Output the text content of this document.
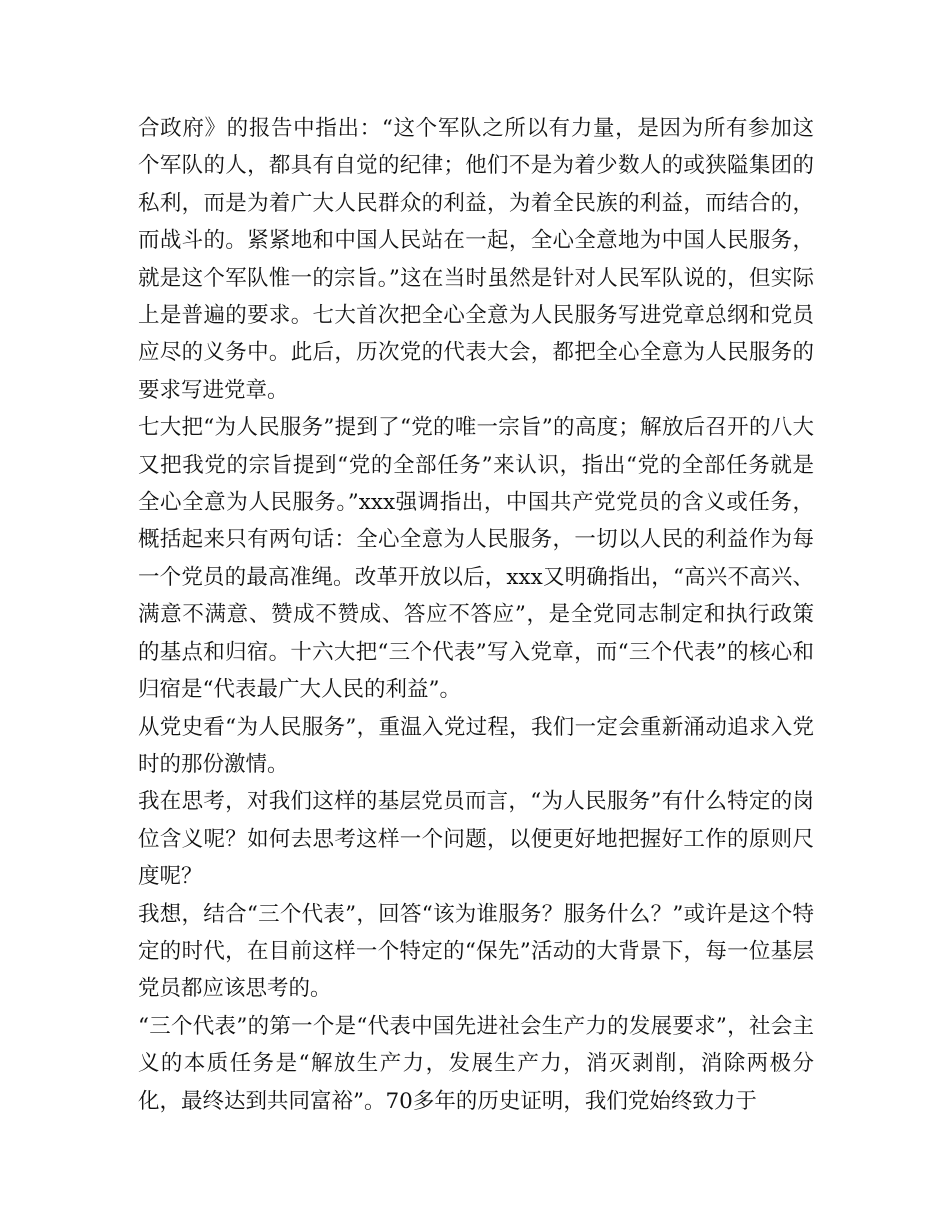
合政府》的报告中指出：“这个军队之所以有力量，是因为所有参加这个军队的人，都具有自觉的纪律；他们不是为着少数人的或狭隘集团的私利，而是为着广大人民群众的利益，为着全民族的利益，而结合的，而战斗的。紧紧地和中国人民站在一起，全心全意地为中国人民服务，就是这个军队惟一的宗旨。”这在当时虽然是针对人民军队说的，但实际上是普遍的要求。七大首次把全心全意为人民服务写进党章总纲和党员应尽的义务中。此后，历次党的代表大会，都把全心全意为人民服务的要求写进党章。

七大把“为人民服务”提到了“党的唯一宗旨”的高度；解放后召开的八大又把我党的宗旨提到“党的全部任务”来认识，指出“党的全部任务就是全心全意为人民服务。”xxx强调指出，中国共产党党员的含义或任务，概括起来只有两句话：全心全意为人民服务，一切以人民的利益作为每一个党员的最高准绳。改革开放以后，xxx又明确指出，“高兴不高兴、满意不满意、赞成不赞成、答应不答应”，是全党同志制定和执行政策的基点和归宿。十六大把“三个代表”写入党章，而“三个代表”的核心和归宿是“代表最广大人民的利益”。

从党史看“为人民服务”，重温入党过程，我们一定会重新涌动追求入党时的那份激情。

我在思考，对我们这样的基层党员而言，“为人民服务”有什么特定的岗位含义呢？如何去思考这样一个问题，以便更好地把握好工作的原则尺度呢？

我想，结合“三个代表”，回答“该为谁服务？服务什么？”或许是这个特定的时代，在目前这样一个特定的“保先”活动的大背景下，每一位基层党员都应该思考的。

“三个代表”的第一个是“代表中国先进社会生产力的发展要求”，社会主义的本质任务是“解放生产力，发展生产力，消灭剥削，消除两极分化，最终达到共同富裕”。70多年的历史证明，我们党始终致力于
